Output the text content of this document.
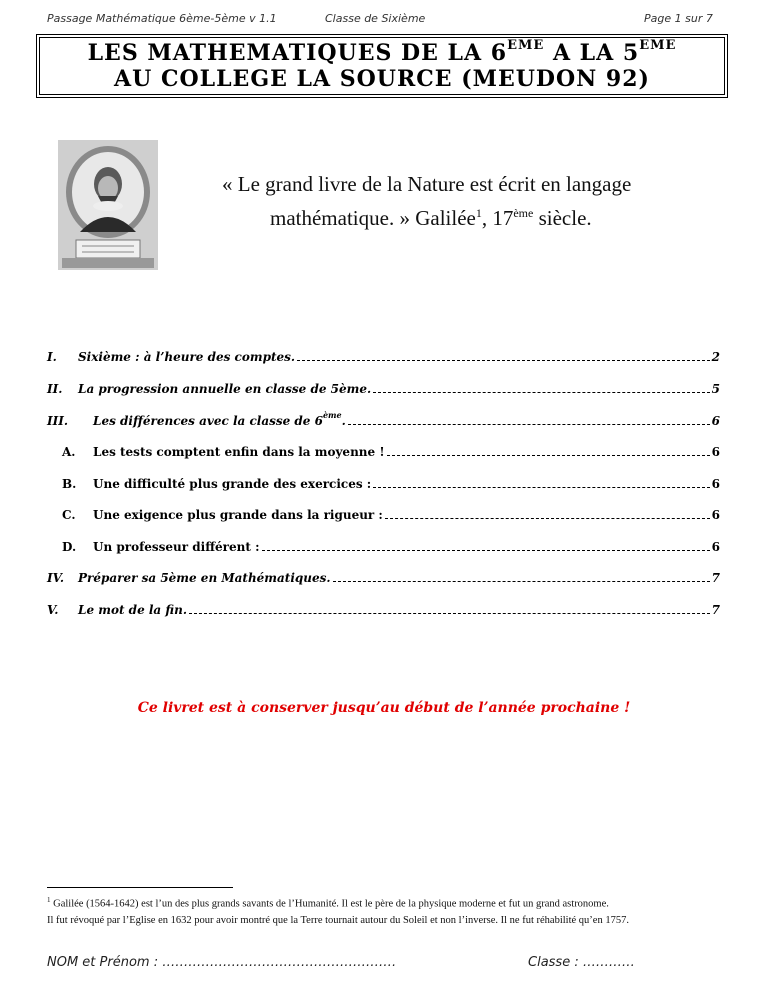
Passage Mathématique 6ème-5ème v 1.1	Classe de Sixième	Page 1 sur 7
LES MATHEMATIQUES DE LA 6EME A LA 5EME
AU COLLEGE LA SOURCE (MEUDON 92)
« Le grand livre de la Nature est écrit en langage
mathématique. » Galilée$^1$, 17ème siècle.
I.	Sixième : à l’heure des comptes.	2
II.	La progression annuelle en classe de 5ème.	5
III.	Les différences avec la classe de 6ème.	6
A.	Les tests comptent enfin dans la moyenne !	6
B.	Une difficulté plus grande des exercices :	6
C.	Une exigence plus grande dans la rigueur :	6
D.	Un professeur différent :	6
IV.	Préparer sa 5ème en Mathématiques.	7
V.	Le mot de la fin.	7
Ce livret est à conserver jusqu’au début de l’année prochaine !
$^1$ Galilée (1564-1642) est l’un des plus grands savants de l’Humanité. Il est le père de la physique moderne et fut un grand astronome.
Il fut révoqué par l’Eglise en 1632 pour avoir montré que la Terre tournait autour du Soleil et non l’inverse. Il ne fut réhabilité qu’en 1757.
NOM et Prénom : ………………………………………………	Classe : …………
